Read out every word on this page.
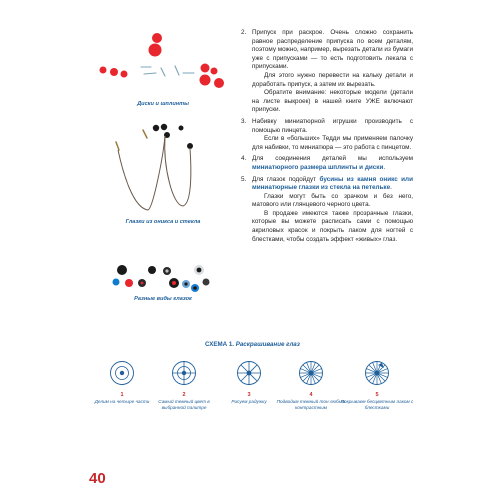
Диски и шплинты
Глазки из оникса и стекла
Разные виды глазок
2. Припуск при раскрое. Очень сложно сохранить равное распределение припуска по всем деталям, поэтому можно, например, вырезать детали из бумаги уже с припусками — то есть подготовить лекала с припусками.

Для этого нужно перевести на кальку детали и доработать припуск, а затем их вырезать.

Обратите внимание: некоторые модели (детали на листе выкроек) в нашей книге УЖЕ включают припуски.

3. Набивку миниатюрной игрушки производить с помощью пинцета.

Если в «больших» Тедди мы применяем палочку для набивки, то миниатюра — это работа с пинцетом.

4. Для соединения деталей мы используем миниатюрного размера шплинты и диски.

5. Для глазок подойдут бусины из камня оникс или миниатюрные глазки из стекла на петельке.

Глазки могут быть со зрачком и без него, матового или глянцевого черного цвета.

В продаже имеются также прозрачные глазки, которые вы можете расписать сами с помощью акриловых красок и покрыть лаком для ногтей с блестками, чтобы создать эффект «живых» глаз.

СХЕМА 1. Раскрашивание глаз
1
Делим на четыре части
2
Самый темный цвет в выбранной палитре
3
Рисуем радужку
4
Подводим темный тон любым контрастным
5
Покрываем бесцветным лаком с блестками
40
